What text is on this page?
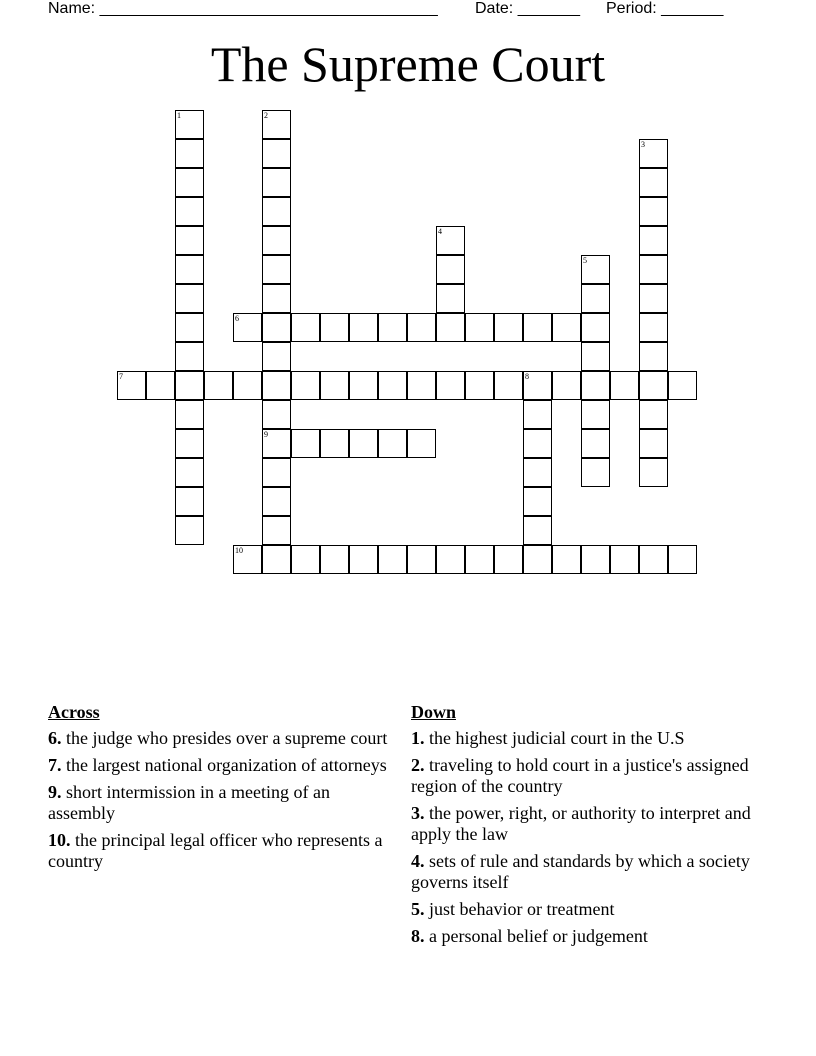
Name: ______________________________________ Date: _______ Period: _______
The Supreme Court
1	2
9
3
4
5
6
7	8
10
Across
6. the judge who presides over a supreme court
7. the largest national organization of attorneys
9. short intermission in a meeting of an assembly
10. the principal legal officer who represents a country
Down
1. the highest judicial court in the U.S
2. traveling to hold court in a justice's assigned region of the country
3. the power, right, or authority to interpret and apply the law
4. sets of rule and standards by which a society governs itself
5. just behavior or treatment
8. a personal belief or judgement
